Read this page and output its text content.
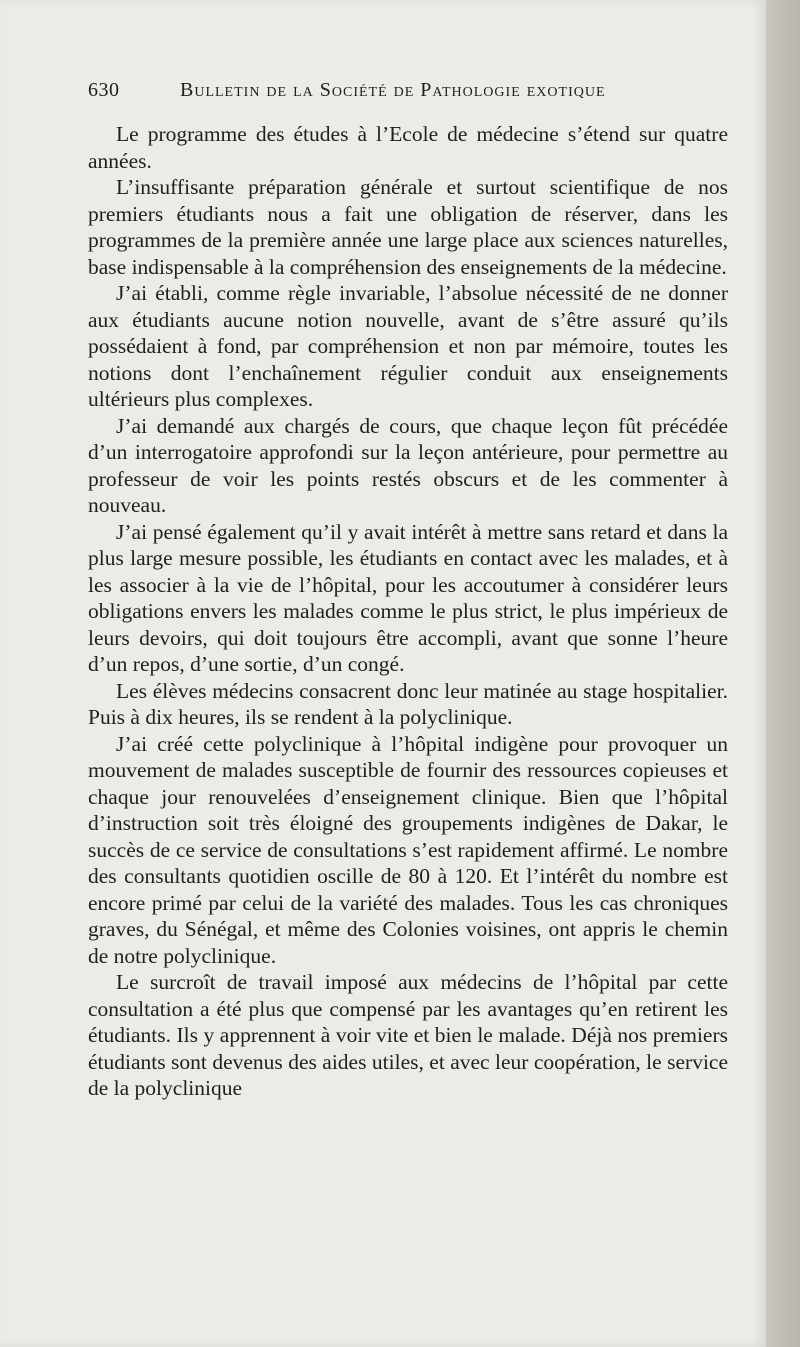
630	Bulletin de la Société de Pathologie exotique

Le programme des études à l’Ecole de médecine s’étend sur quatre années.

L’insuffisante préparation générale et surtout scientifique de nos premiers étudiants nous a fait une obligation de réserver, dans les programmes de la première année une large place aux sciences naturelles, base indispensable à la compréhension des enseignements de la médecine.

J’ai établi, comme règle invariable, l’absolue nécessité de ne donner aux étudiants aucune notion nouvelle, avant de s’être assuré qu’ils possédaient à fond, par compréhension et non par mémoire, toutes les notions dont l’enchaînement régulier conduit aux enseignements ultérieurs plus complexes.

J’ai demandé aux chargés de cours, que chaque leçon fût précédée d’un interrogatoire approfondi sur la leçon antérieure, pour permettre au professeur de voir les points restés obscurs et de les commenter à nouveau.

J’ai pensé également qu’il y avait intérêt à mettre sans retard et dans la plus large mesure possible, les étudiants en contact avec les malades, et à les associer à la vie de l’hôpital, pour les accoutumer à considérer leurs obligations envers les malades comme le plus strict, le plus impérieux de leurs devoirs, qui doit toujours être accompli, avant que sonne l’heure d’un repos, d’une sortie, d’un congé.

Les élèves médecins consacrent donc leur matinée au stage hospitalier. Puis à dix heures, ils se rendent à la polyclinique.

J’ai créé cette polyclinique à l’hôpital indigène pour provoquer un mouvement de malades susceptible de fournir des ressources copieuses et chaque jour renouvelées d’enseignement clinique. Bien que l’hôpital d’instruction soit très éloigné des groupements indigènes de Dakar, le succès de ce service de consultations s’est rapidement affirmé. Le nombre des consultants quotidien oscille de 80 à 120. Et l’intérêt du nombre est encore primé par celui de la variété des malades. Tous les cas chroniques graves, du Sénégal, et même des Colonies voisines, ont appris le chemin de notre polyclinique.

Le surcroît de travail imposé aux médecins de l’hôpital par cette consultation a été plus que compensé par les avantages qu’en retirent les étudiants. Ils y apprennent à voir vite et bien le malade. Déjà nos premiers étudiants sont devenus des aides utiles, et avec leur coopération, le service de la polyclinique
